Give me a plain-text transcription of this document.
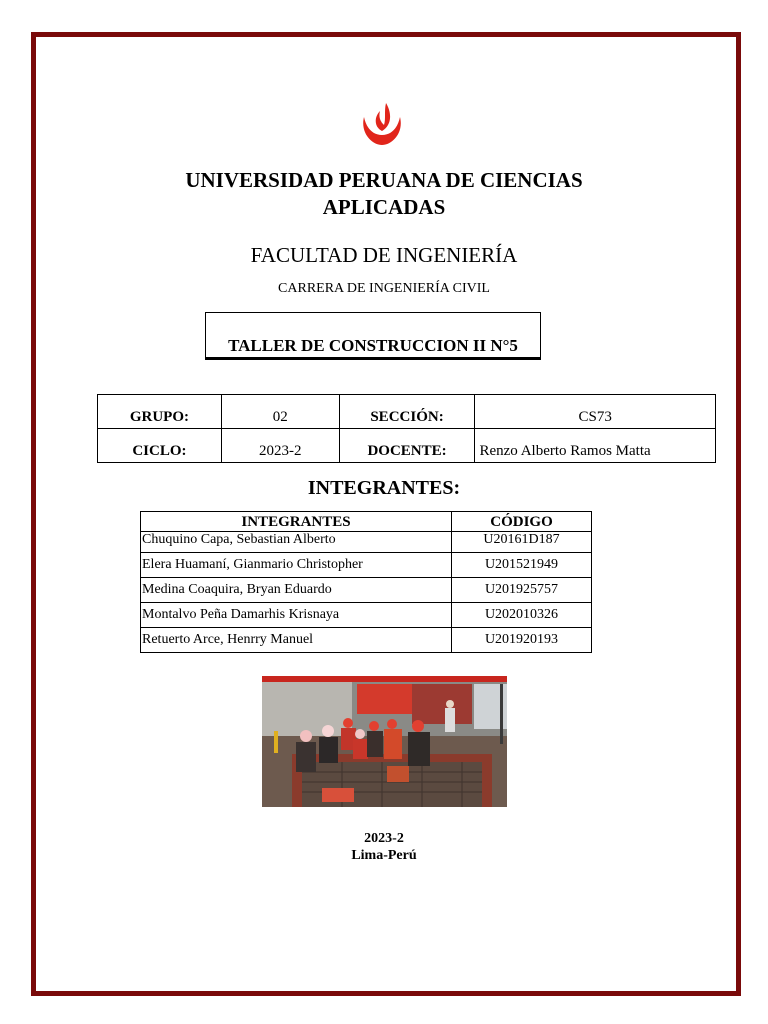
UNIVERSIDAD PERUANA DE CIENCIAS
APLICADAS
FACULTAD DE INGENIERÍA
CARRERA DE INGENIERÍA CIVIL
TALLER DE CONSTRUCCION II N°5
GRUPO:	02	SECCIÓN:	CS73
CICLO:	2023-2	DOCENTE:	Renzo Alberto Ramos Matta
INTEGRANTES:
INTEGRANTES	CÓDIGO
Chuquino Capa, Sebastian Alberto	U20161D187
Elera Huamaní, Gianmario Christopher	U201521949
Medina Coaquira, Bryan Eduardo	U201925757
Montalvo Peña Damarhis Krisnaya	U202010326
Retuerto Arce, Henrry Manuel	U201920193
2023-2
Lima-Perú
